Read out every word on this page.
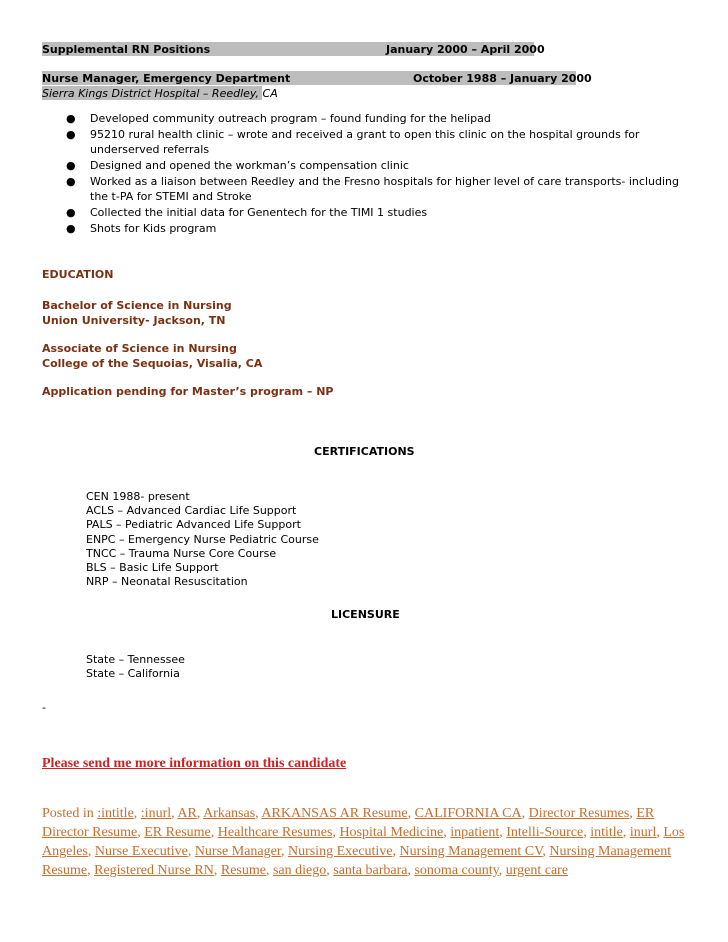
Supplemental RN Positions	January 2000 – April 2000
Nurse Manager, Emergency Department	October 1988 – January 2000
Sierra Kings District Hospital – Reedley, CA
● Developed community outreach program – found funding for the helipad
● 95210 rural health clinic – wrote and received a grant to open this clinic on the hospital grounds for underserved referrals
● Designed and opened the workman’s compensation clinic
● Worked as a liaison between Reedley and the Fresno hospitals for higher level of care transports- including the t-PA for STEMI and Stroke
● Collected the initial data for Genentech for the TIMI 1 studies
● Shots for Kids program
EDUCATION
Bachelor of Science in Nursing
Union University- Jackson, TN
Associate of Science in Nursing
College of the Sequoias, Visalia, CA
Application pending for Master’s program – NP
CERTIFICATIONS
CEN 1988- present
ACLS – Advanced Cardiac Life Support
PALS – Pediatric Advanced Life Support
ENPC – Emergency Nurse Pediatric Course
TNCC – Trauma Nurse Core Course
BLS – Basic Life Support
NRP – Neonatal Resuscitation
LICENSURE
State – Tennessee
State – California
-
Please send me more information on this candidate
Posted in :intitle, :inurl, AR, Arkansas, ARKANSAS AR Resume, CALIFORNIA CA, Director Resumes, ER Director Resume, ER Resume, Healthcare Resumes, Hospital Medicine, inpatient, Intelli-Source, intitle, inurl, Los Angeles, Nurse Executive, Nurse Manager, Nursing Executive, Nursing Management CV, Nursing Management Resume, Registered Nurse RN, Resume, san diego, santa barbara, sonoma county, urgent care
